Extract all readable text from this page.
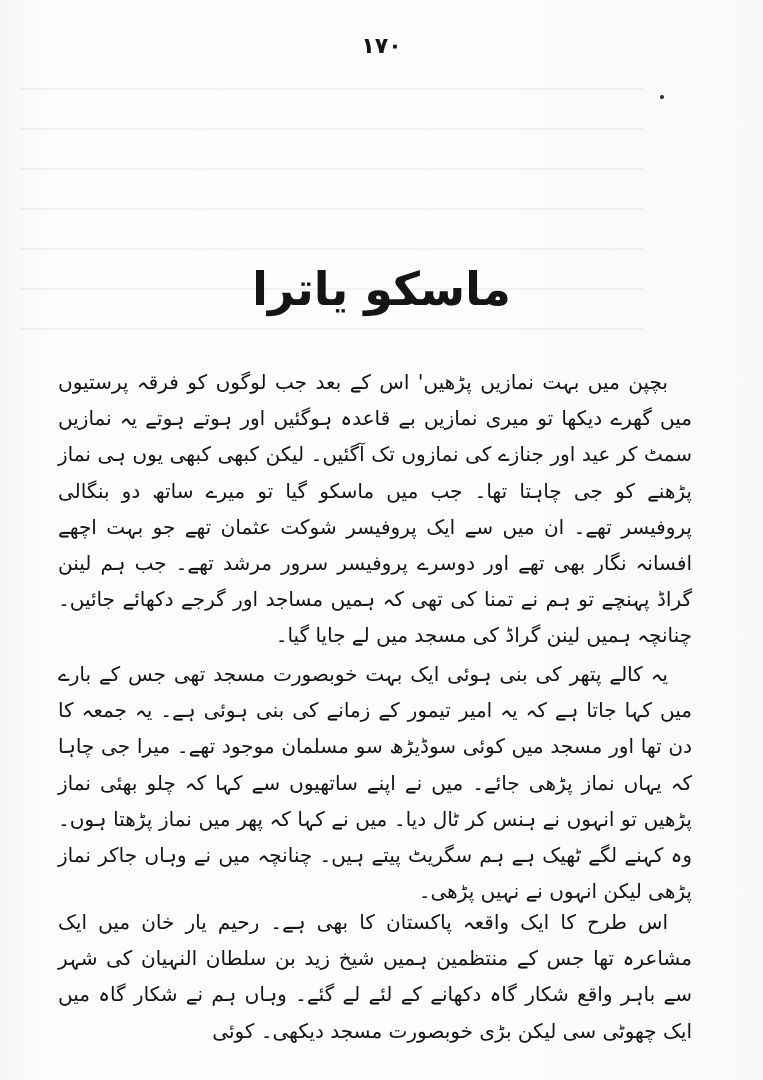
۱۷۰
ماسکو یاترا

بچپن میں بہت نمازیں پڑھیں' اس کے بعد جب لوگوں کو فرقہ پرستیوں میں گھرے دیکھا تو میری نمازیں بے قاعدہ ہوگئیں اور ہوتے ہوتے یہ نمازیں سمٹ کر عید اور جنازے کی نمازوں تک آگئیں۔ لیکن کبھی کبھی یوں ہی نماز پڑھنے کو جی چاہتا تھا۔ جب میں ماسکو گیا تو میرے ساتھ دو بنگالی پروفیسر تھے۔ ان میں سے ایک پروفیسر شوکت عثمان تھے جو بہت اچھے افسانہ نگار بھی تھے اور دوسرے پروفیسر سرور مرشد تھے۔ جب ہم لینن گراڈ پہنچے تو ہم نے تمنا کی تھی کہ ہمیں مساجد اور گرجے دکھائے جائیں۔ چنانچہ ہمیں لینن گراڈ کی مسجد میں لے جایا گیا۔

یہ کالے پتھر کی بنی ہوئی ایک بہت خوبصورت مسجد تھی جس کے بارے میں کہا جاتا ہے کہ یہ امیر تیمور کے زمانے کی بنی ہوئی ہے۔ یہ جمعہ کا دن تھا اور مسجد میں کوئی سوڈیڑھ سو مسلمان موجود تھے۔ میرا جی چاہا کہ یہاں نماز پڑھی جائے۔ میں نے اپنے ساتھیوں سے کہا کہ چلو بھئی نماز پڑھیں تو انہوں نے ہنس کر ٹال دیا۔ میں نے کہا کہ پھر میں نماز پڑھتا ہوں۔ وہ کہنے لگے ٹھیک ہے ہم سگریٹ پیتے ہیں۔ چنانچہ میں نے وہاں جاکر نماز پڑھی لیکن انہوں نے نہیں پڑھی۔

اس طرح کا ایک واقعہ پاکستان کا بھی ہے۔ رحیم یار خان میں ایک مشاعرہ تھا جس کے منتظمین ہمیں شیخ زید بن سلطان النہیان کی شہر سے باہر واقع شکار گاہ دکھانے کے لئے لے گئے۔ وہاں ہم نے شکار گاہ میں ایک چھوٹی سی لیکن بڑی خوبصورت مسجد دیکھی۔ کوئی
